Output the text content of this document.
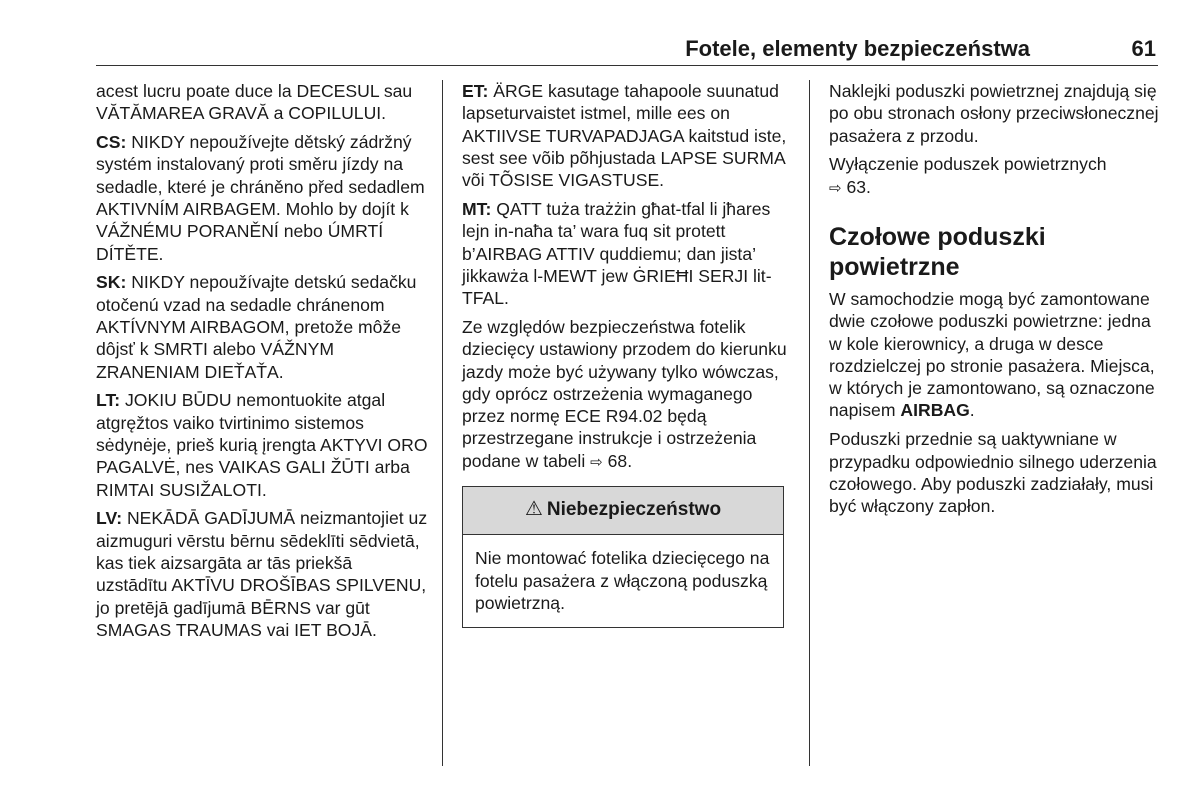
Fotele, elementy bezpieczeństwa	61

acest lucru poate duce la DECESUL sau VĂTĂMAREA GRAVĂ a COPILULUI.

CS: NIKDY nepoužívejte dětský zádržný systém instalovaný proti směru jízdy na sedadle, které je chráněno před sedadlem AKTIVNÍM AIRBAGEM. Mohlo by dojít k VÁŽNÉMU PORANĚNÍ nebo ÚMRTÍ DÍTĚTE.

SK: NIKDY nepoužívajte detskú sedačku otočenú vzad na sedadle chránenom AKTÍVNYM AIRBAGOM, pretože môže dôjsť k SMRTI alebo VÁŽNYM ZRANENIAM DIEŤAŤA.

LT: JOKIU BŪDU nemontuokite atgal atgręžtos vaiko tvirtinimo sistemos sėdynėje, prieš kurią įrengta AKTYVI ORO PAGALVĖ, nes VAIKAS GALI ŽŪTI arba RIMTAI SUSIŽALOTI.

LV: NEKĀDĀ GADĪJUMĀ neizmantojiet uz aizmuguri vērstu bērnu sēdeklīti sēdvietā, kas tiek aizsargāta ar tās priekšā uzstādītu AKTĪVU DROŠĪBAS SPILVENU, jo pretējā gadījumā BĒRNS var gūt SMAGAS TRAUMAS vai IET BOJĀ.

ET: ÄRGE kasutage tahapoole suunatud lapseturvaistet istmel, mille ees on AKTIIVSE TURVAPADJAGA kaitstud iste, sest see võib põhjustada LAPSE SURMA või TÕSISE VIGASTUSE.

MT: QATT tuża trażżin għat-tfal li jħares lejn in-naħa ta’ wara fuq sit protett b’AIRBAG ATTIV quddiemu; dan jista’ jikkawża l-MEWT jew ĠRIEĦI SERJI lit-TFAL.

Ze względów bezpieczeństwa fotelik dziecięcy ustawiony przodem do kierunku jazdy może być używany tylko wówczas, gdy oprócz ostrzeżenia wymaganego przez normę ECE R94.02 będą przestrzegane instrukcje i ostrzeżenia podane w tabeli ⇨ 68.

⚠ Niebezpieczeństwo
Nie montować fotelika dziecięcego na fotelu pasażera z włączoną poduszką powietrzną.

Naklejki poduszki powietrznej znajdują się po obu stronach osłony przeciwsłonecznej pasażera z przodu.

Wyłączenie poduszek powietrznych
⇨ 63.

Czołowe poduszki powietrzne

W samochodzie mogą być zamontowane dwie czołowe poduszki powietrzne: jedna w kole kierownicy, a druga w desce rozdzielczej po stronie pasażera. Miejsca, w których je zamontowano, są oznaczone napisem AIRBAG.

Poduszki przednie są uaktywniane w przypadku odpowiednio silnego uderzenia czołowego. Aby poduszki zadziałały, musi być włączony zapłon.
